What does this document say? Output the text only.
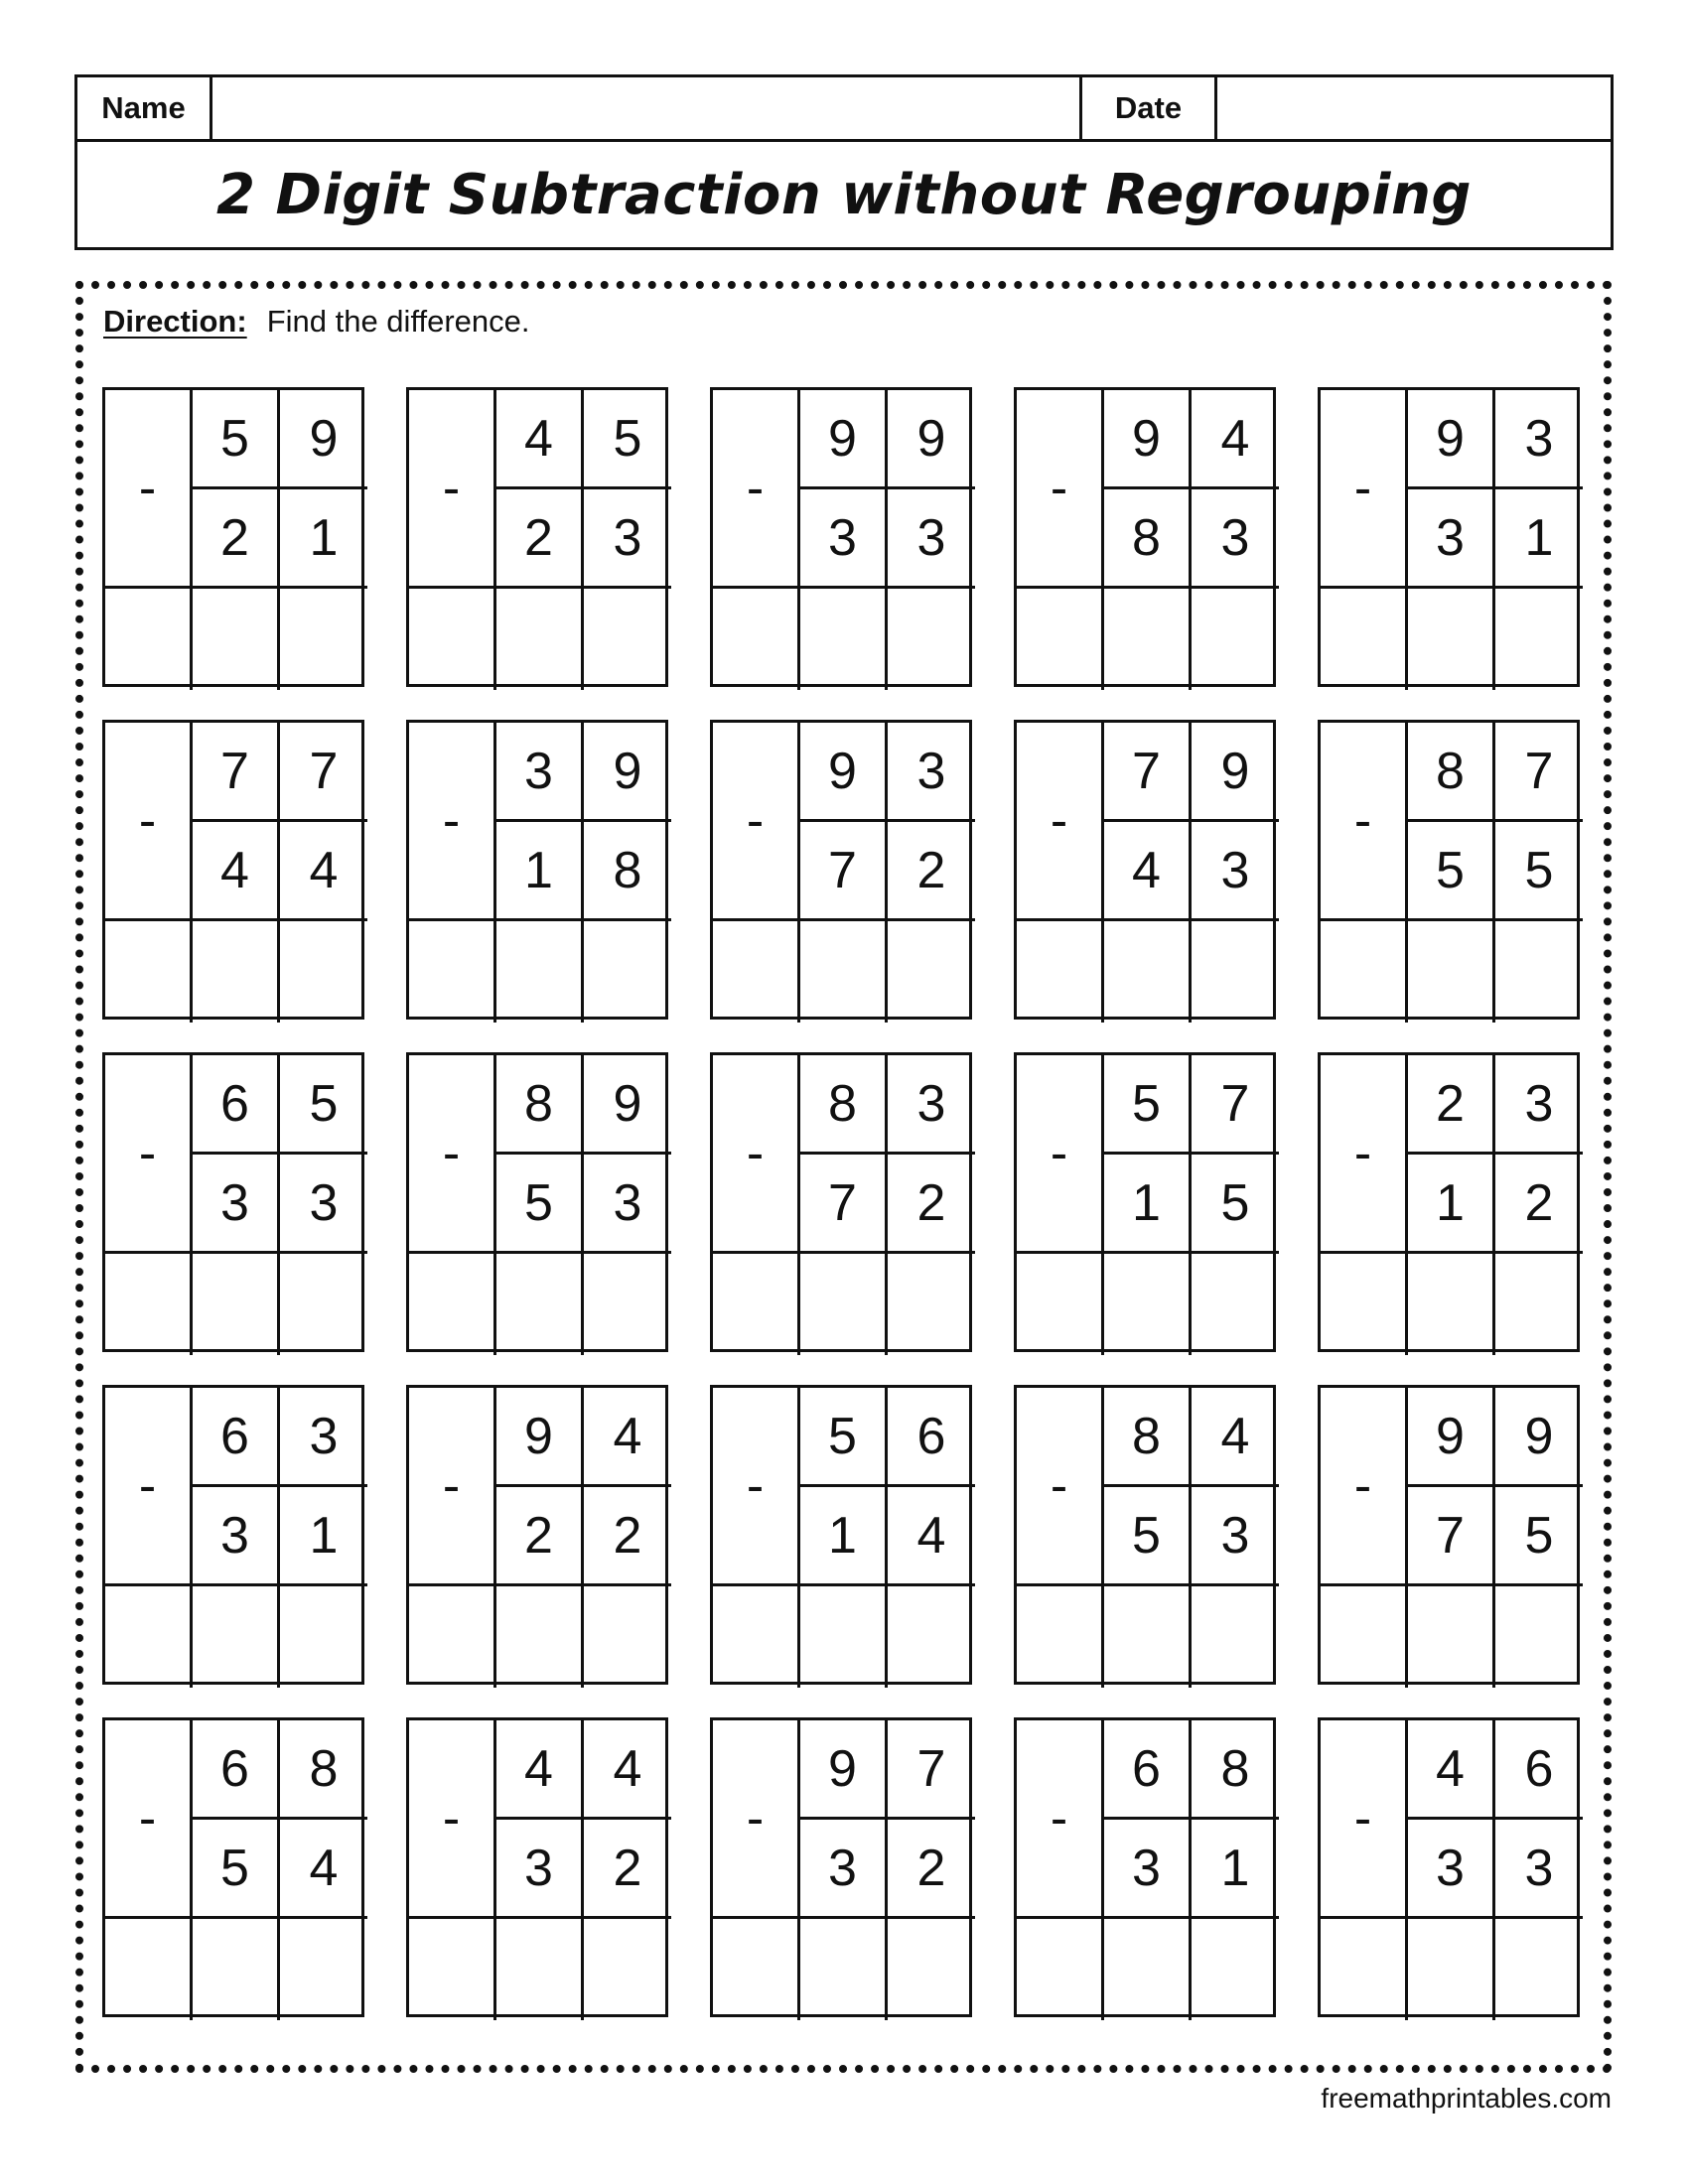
Name	Date
2 Digit Subtraction without Regrouping
Direction: Find the difference.
-
5	9
2	1
-
4	5
2	3
-
9	9
3	3
-
9	4
8	3
-
9	3
3	1
-
7	7
4	4
-
3	9
1	8
-
9	3
7	2
-
7	9
4	3
-
8	7
5	5
-
6	5
3	3
-
8	9
5	3
-
8	3
7	2
-
5	7
1	5
-
2	3
1	2
-
6	3
3	1
-
9	4
2	2
-
5	6
1	4
-
8	4
5	3
-
9	9
7	5
-
6	8
5	4
-
4	4
3	2
-
9	7
3	2
-
6	8
3	1
-
4	6
3	3
freemathprintables.com
